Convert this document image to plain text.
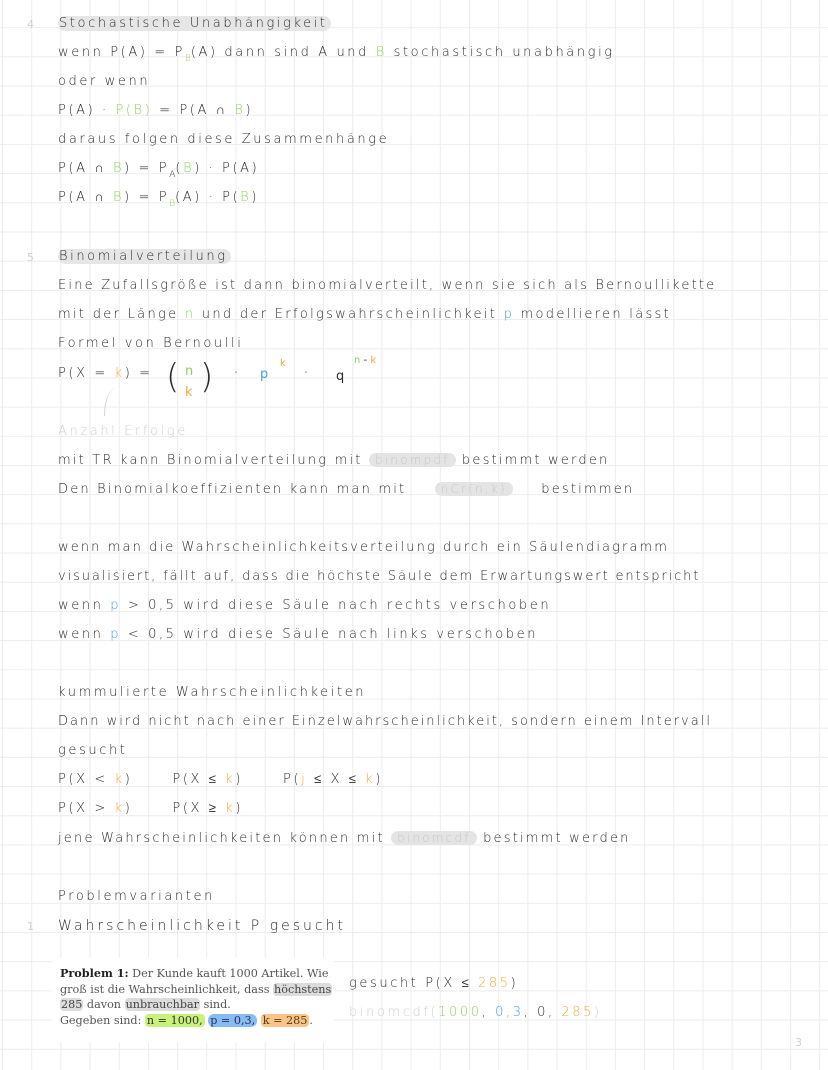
4 Stochastische Unabhängigkeit
wenn $P(A) = P_B(A)$ dann sind A und B stochastisch unabhängig
oder wenn
P(A) · P(B) = P(A ∩ B)
daraus folgen diese Zusammenhänge
P(A ∩ $B) = P_A(B) \cdot P(A)$
P(A ∩ $B) = P_B(A) \cdot P(B)$
5 Binomialverteilung
Eine Zufallsgröße ist dann binomialverteilt, wenn sie sich als Bernoullikette
mit der Länge n und der Erfolgswahrscheinlichkeit p modellieren lässt
Formel von Bernoulli
P(X = k) = ( )
n
k
· p
k
· q
n - k
Anzahl Erfolge
mit TR kann Binomialverteilung mit binompdf bestimmt werden
Den Binomialkoeffizienten kann man mit nCr(n,k) bestimmen
wenn man die Wahrscheinlichkeitsverteilung durch ein Säulendiagramm
visualisiert, fällt auf, dass die höchste Säule dem Erwartungswert entspricht
wenn p > 0,5 wird diese Säule nach rechts verschoben
wenn p < 0,5 wird diese Säule nach links verschoben
kummulierte Wahrscheinlichkeiten
Dann wird nicht nach einer Einzelwahrscheinlichkeit, sondern einem Intervall
gesucht
P(X < k)	P(X ≤ k)	P(j ≤ X ≤ k)
P(X > k)	P(X ≥ k)
jene Wahrscheinlichkeiten können mit binomcdf bestimmt werden
Problemvarianten
1 Wahrscheinlichkeit P gesucht
Problem 1: Der Kunde kauft 1000 Artikel. Wie groß ist die Wahrscheinlichkeit, dass höchstens 285 davon unbrauchbar sind.
Gegeben sind: n = 1000, p = 0,3, k = 285 .
gesucht P(X ≤ 285)
binomcdf(1000, 0,3, 0, 285)
3
